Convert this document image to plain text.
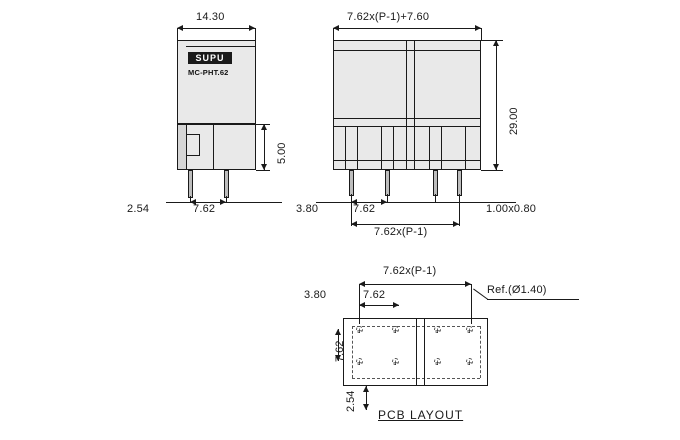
14.30
SUPU
MC-PHT.62
5.00
2.54	7.62
7.62x(P-1)+7.60
29.00
3.80	7.62	1.00x0.80
7.62x(P-1)
7.62x(P-1)
3.80	7.62	Ref.(Ø1.40)
+	+	+	+
+	+	+	+
7.62
2.54
PCB LAYOUT
